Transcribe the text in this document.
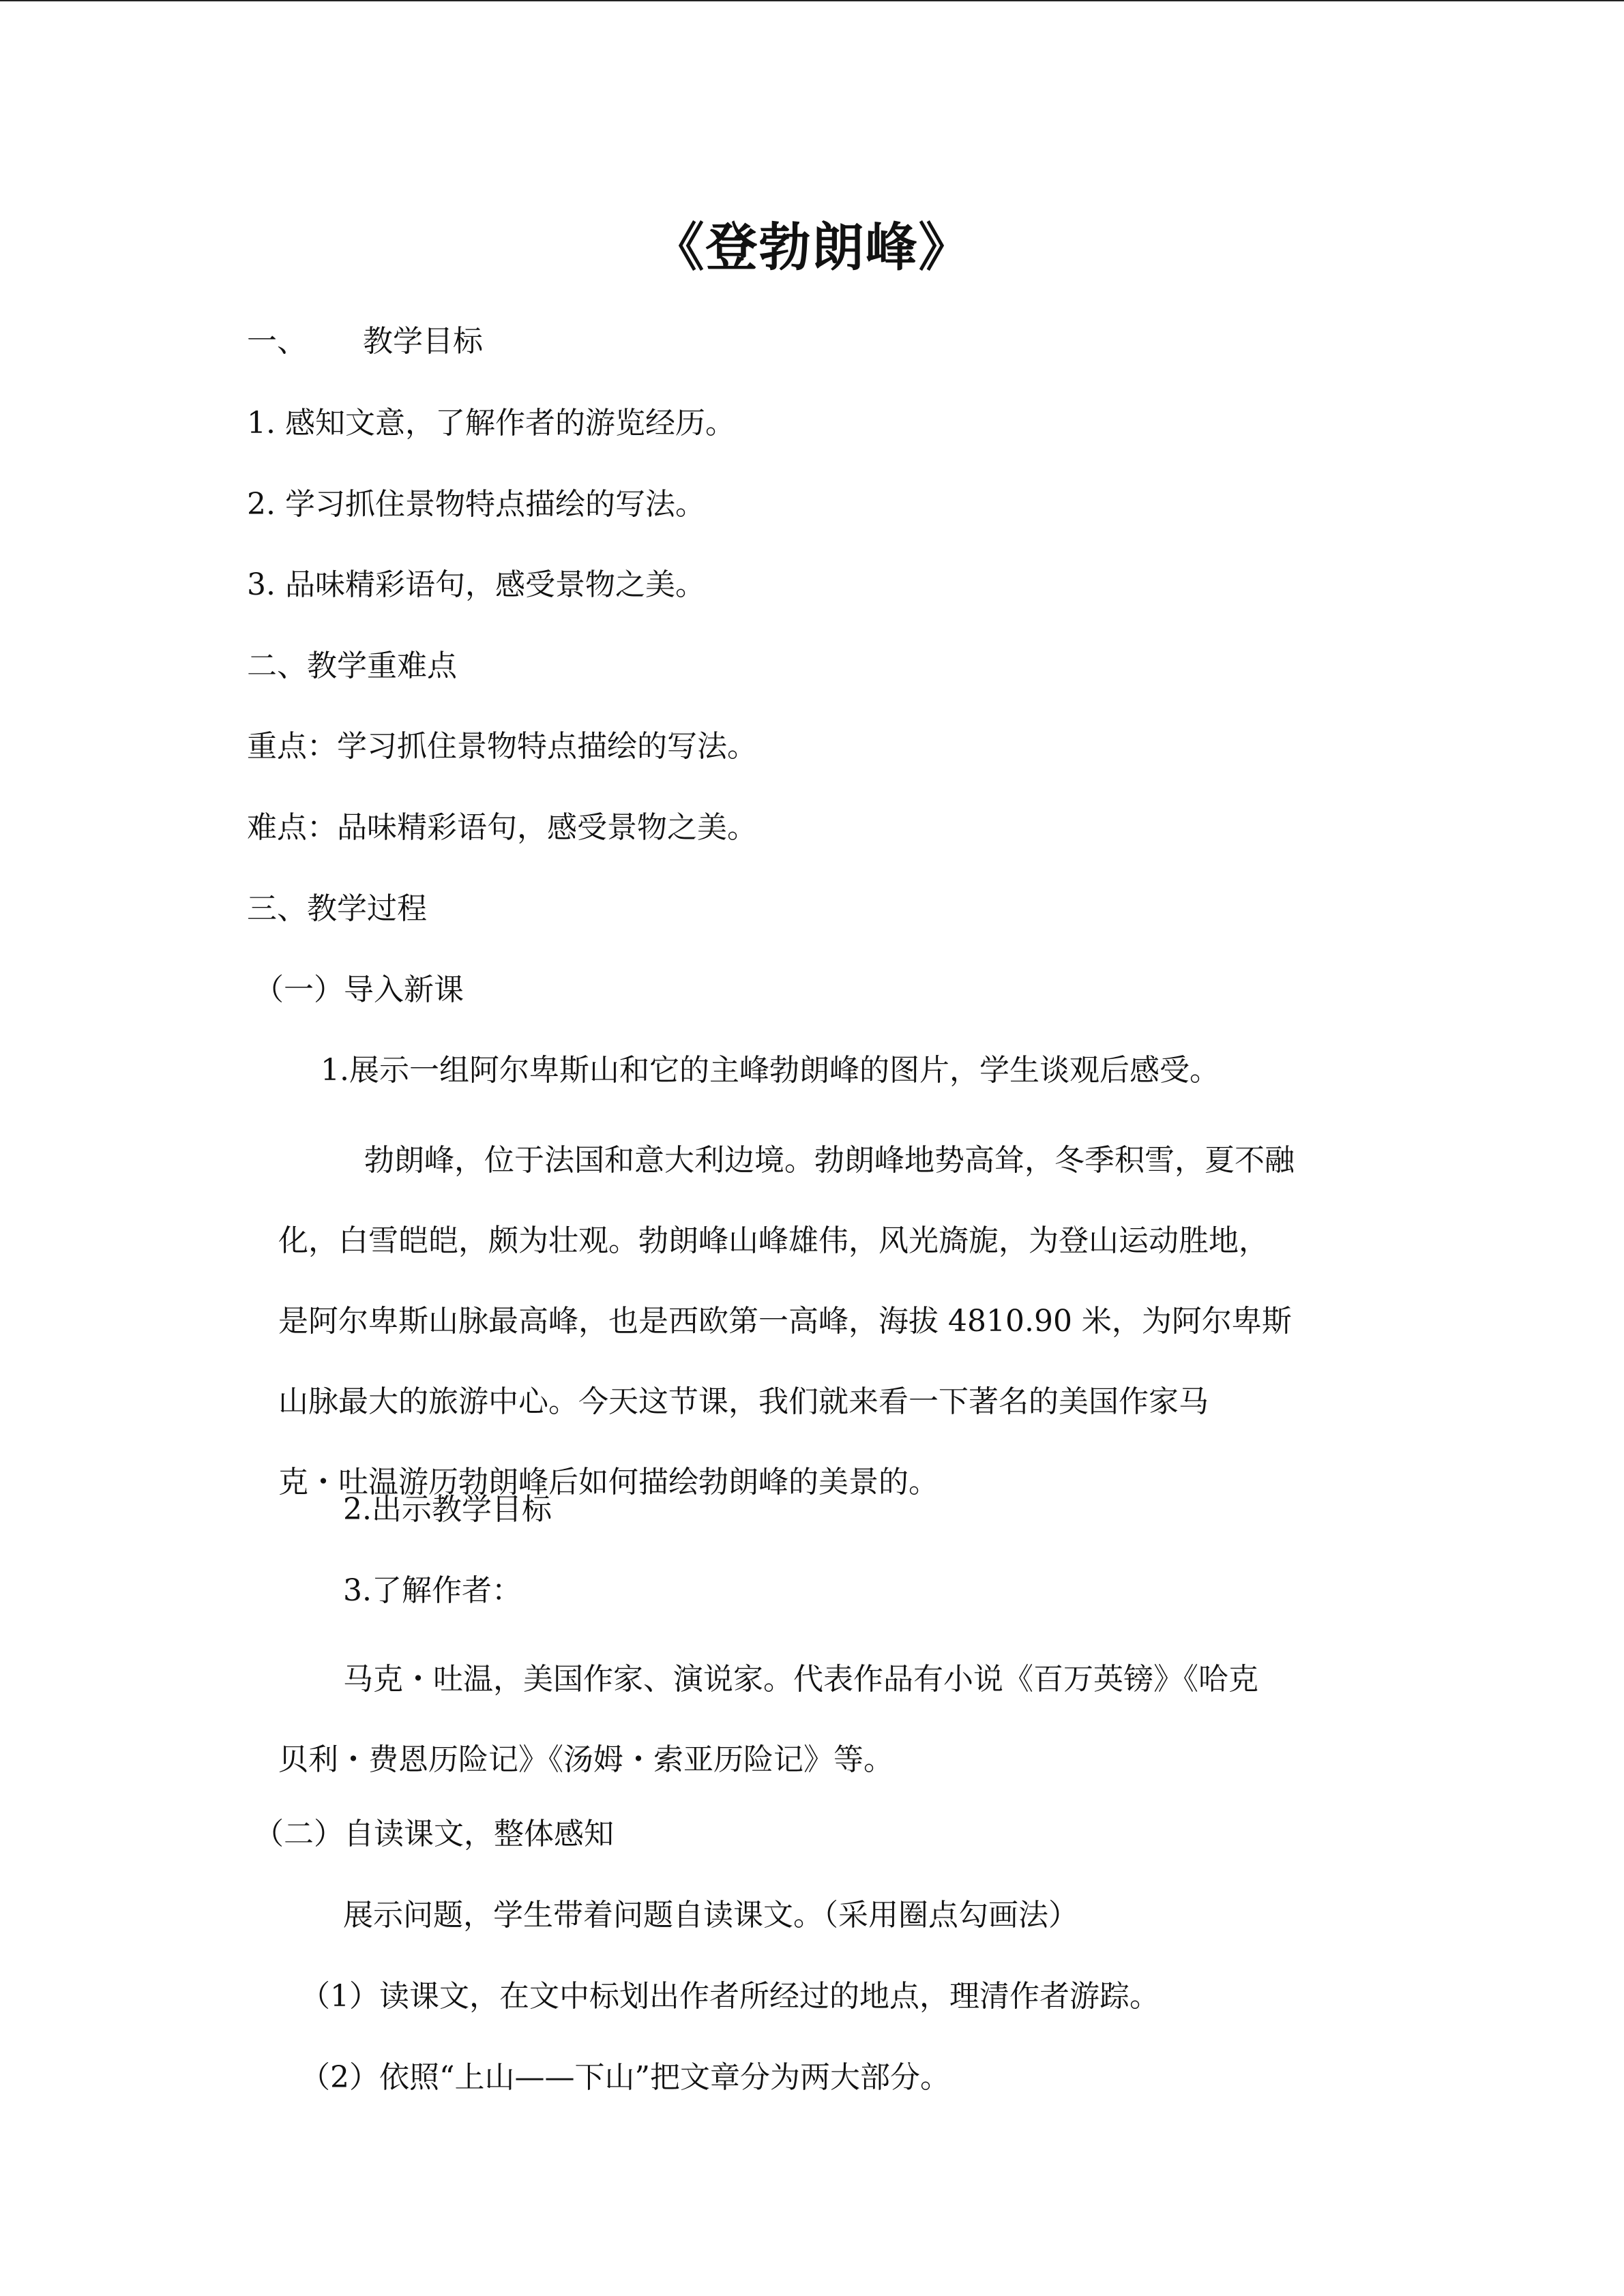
《登勃朗峰》
一、 教学目标
1. 感知文意，了解作者的游览经历。
2. 学习抓住景物特点描绘的写法。
3. 品味精彩语句，感受景物之美。
二、教学重难点
重点：学习抓住景物特点描绘的写法。
难点：品味精彩语句，感受景物之美。
三、教学过程
（一）导入新课
1.展示一组阿尔卑斯山和它的主峰勃朗峰的图片，学生谈观后感受。
勃朗峰，位于法国和意大利边境。勃朗峰地势高耸，冬季积雪，夏不融
化，白雪皑皑，颇为壮观。勃朗峰山峰雄伟，风光旖旎，为登山运动胜地，
是阿尔卑斯山脉最高峰，也是西欧第一高峰，海拔 4810.90 米，为阿尔卑斯
山脉最大的旅游中心。今天这节课，我们就来看一下著名的美国作家马
克・吐温游历勃朗峰后如何描绘勃朗峰的美景的。
2.出示教学目标
3.了解作者：
马克・吐温，美国作家、演说家。代表作品有小说《百万英镑》《哈克
贝利・费恩历险记》《汤姆・索亚历险记》等。
（二）自读课文，整体感知
展示问题，学生带着问题自读课文。（采用圈点勾画法）
（1）读课文，在文中标划出作者所经过的地点，理清作者游踪。
（2）依照“上山——下山”把文章分为两大部分。
